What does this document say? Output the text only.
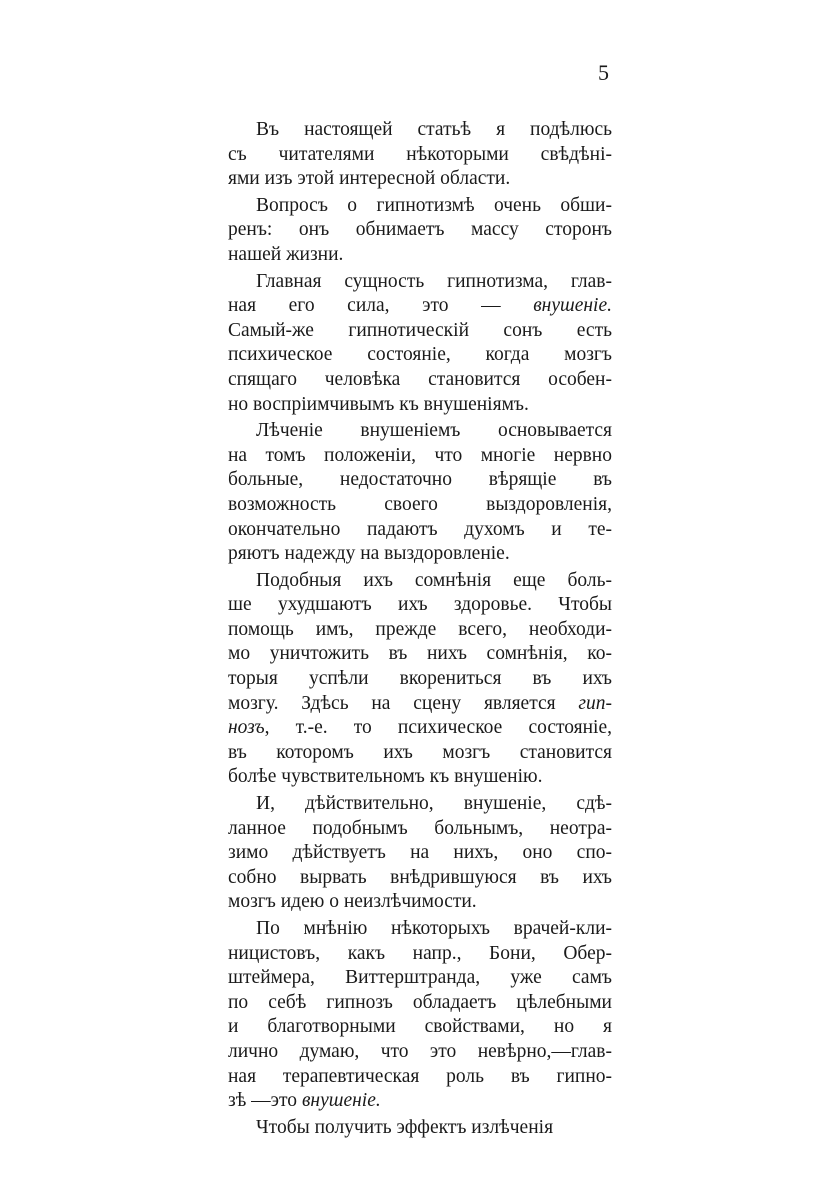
5
Въ настоящей статьѣ я подѣлюсь
съ читателями нѣкоторыми свѣдѣні-
ями изъ этой интересной области.
Вопросъ о гипнотизмѣ очень обши-
ренъ: онъ обнимаетъ массу сторонъ
нашей жизни.
Главная сущность гипнотизма, глав-
ная его сила, это — внушеніе.
Самый-же гипнотическій сонъ есть
психическое состояніе, когда мозгъ
спящаго человѣка становится особен-
но воспріимчивымъ къ внушеніямъ.
Лѣченіе внушеніемъ основывается
на томъ положеніи, что многіе нервно
больные, недостаточно вѣрящіе въ
возможность своего выздоровленія,
окончательно падаютъ духомъ и те-
ряютъ надежду на выздоровленіе.
Подобныя ихъ сомнѣнія еще боль-
ше ухудшаютъ ихъ здоровье. Чтобы
помощь имъ, прежде всего, необходи-
мо уничтожить въ нихъ сомнѣнія, ко-
торыя успѣли вкорениться въ ихъ
мозгу. Здѣсь на сцену является гип-
нозъ, т.-е. то психическое состояніе,
въ которомъ ихъ мозгъ становится
болѣе чувствительномъ къ внушенію.
И, дѣйствительно, внушеніе, сдѣ-
ланное подобнымъ больнымъ, неотра-
зимо дѣйствуетъ на нихъ, оно спо-
собно вырвать внѣдрившуюся въ ихъ
мозгъ идею о неизлѣчимости.
По мнѣнію нѣкоторыхъ врачей-кли-
ницистовъ, какъ напр., Бони, Обер-
штеймера, Виттерштранда, уже самъ
по себѣ гипнозъ обладаетъ цѣлебными
и благотворными свойствами, но я
лично думаю, что это невѣрно,—глав-
ная терапевтическая роль въ гипно-
зѣ —это внушеніе.
Чтобы получить эффектъ излѣченія
